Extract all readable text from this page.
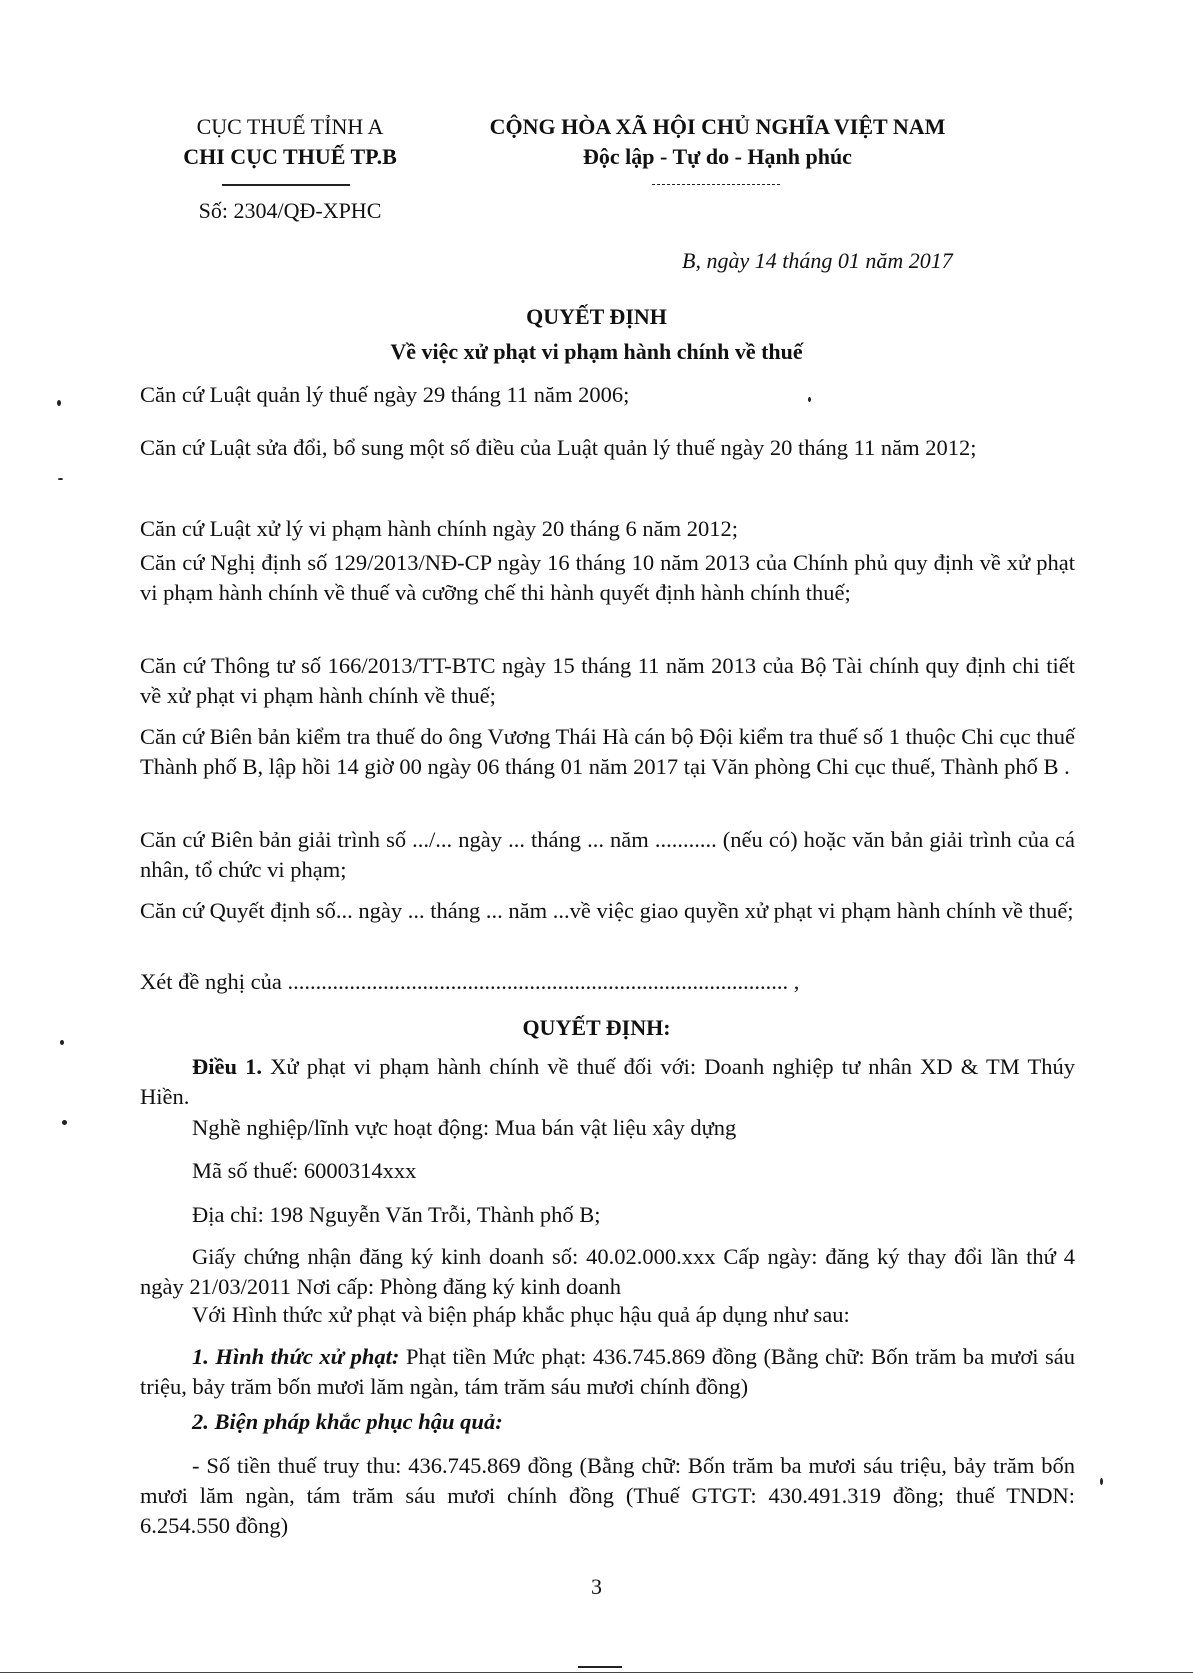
CỤC THUẾ TỈNH A
CHI CỤC THUẾ TP.B
Số: 2304/QĐ-XPHC
CỘNG HÒA XÃ HỘI CHỦ NGHĨA VIỆT NAM
Độc lập - Tự do - Hạnh phúc
B, ngày 14 tháng 01 năm 2017
QUYẾT ĐỊNH
Về việc xử phạt vi phạm hành chính về thuế
Căn cứ Luật quản lý thuế ngày 29 tháng 11 năm 2006;
Căn cứ Luật sửa đổi, bổ sung một số điều của Luật quản lý thuế ngày 20 tháng 11 năm 2012;
Căn cứ Luật xử lý vi phạm hành chính ngày 20 tháng 6 năm 2012;
Căn cứ Nghị định số 129/2013/NĐ-CP ngày 16 tháng 10 năm 2013 của Chính phủ quy định về xử phạt vi phạm hành chính về thuế và cưỡng chế thi hành quyết định hành chính thuế;
Căn cứ Thông tư số 166/2013/TT-BTC ngày 15 tháng 11 năm 2013 của Bộ Tài chính quy định chi tiết về xử phạt vi phạm hành chính về thuế;
Căn cứ Biên bản kiểm tra thuế do ông Vương Thái Hà cán bộ Đội kiểm tra thuế số 1 thuộc Chi cục thuế Thành phố B, lập hồi 14 giờ 00 ngày 06 tháng 01 năm 2017 tại Văn phòng Chi cục thuế, Thành phố B .
Căn cứ Biên bản giải trình số .../... ngày ... tháng ... năm ........... (nếu có) hoặc văn bản giải trình của cá nhân, tổ chức vi phạm;
Căn cứ Quyết định số... ngày ... tháng ... năm ...về việc giao quyền xử phạt vi phạm hành chính về thuế;
Xét đề nghị của ......................................................................................... ,
QUYẾT ĐỊNH:
Điều 1. Xử phạt vi phạm hành chính về thuế đối với: Doanh nghiệp tư nhân XD & TM Thúy Hiền.
Nghề nghiệp/lĩnh vực hoạt động: Mua bán vật liệu xây dựng
Mã số thuế: 6000314xxx
Địa chỉ: 198 Nguyễn Văn Trỗi, Thành phố B;
Giấy chứng nhận đăng ký kinh doanh số: 40.02.000.xxx Cấp ngày: đăng ký thay đổi lần thứ 4 ngày 21/03/2011 Nơi cấp: Phòng đăng ký kinh doanh
Với Hình thức xử phạt và biện pháp khắc phục hậu quả áp dụng như sau:
1. Hình thức xử phạt: Phạt tiền Mức phạt: 436.745.869 đồng (Bằng chữ: Bốn trăm ba mươi sáu triệu, bảy trăm bốn mươi lăm ngàn, tám trăm sáu mươi chính đồng)
2. Biện pháp khắc phục hậu quả:
- Số tiền thuế truy thu: 436.745.869 đồng (Bằng chữ: Bốn trăm ba mươi sáu triệu, bảy trăm bốn mươi lăm ngàn, tám trăm sáu mươi chính đồng (Thuế GTGT: 430.491.319 đồng; thuế TNDN: 6.254.550 đồng)
3
